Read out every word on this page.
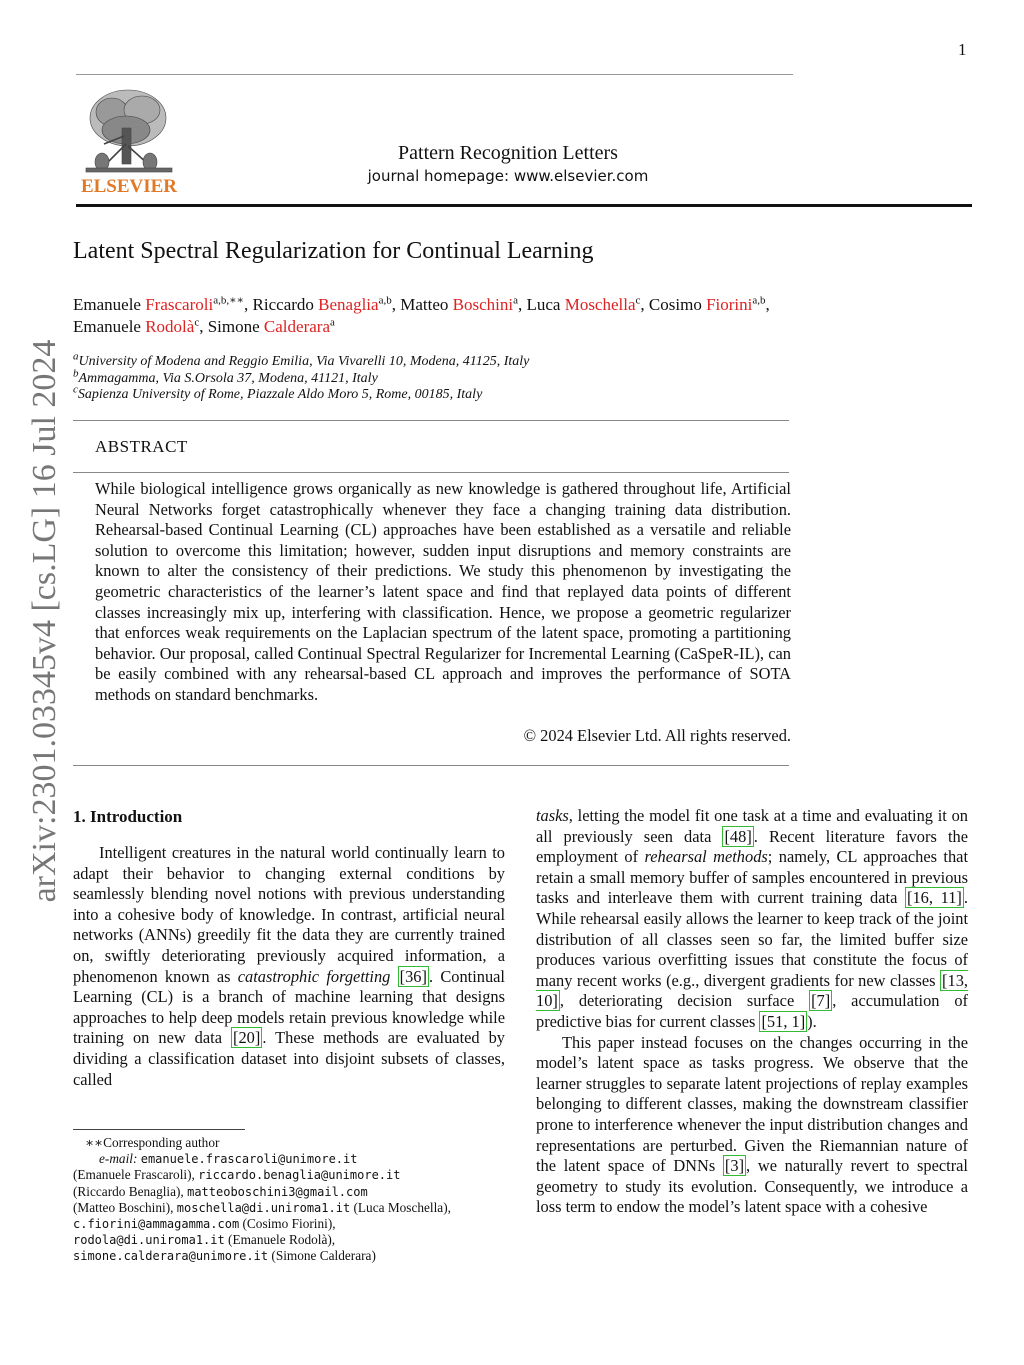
1
ELSEVIER
Pattern Recognition Letters
journal homepage: www.elsevier.com
Latent Spectral Regularization for Continual Learning
Emanuele Frascaroli$^{a,b,∗∗}$, Riccardo Benaglia$^{a,b}$, Matteo Boschini$^a$, Luca Moschella$^c$, Cosimo Fiorini$^{a,b}$,
Emanuele Rodolà$^c$, Simone Calderara$^a$
$^a$University of Modena and Reggio Emilia, Via Vivarelli 10, Modena, 41125, Italy
$^b$Ammagamma, Via S.Orsola 37, Modena, 41121, Italy
$^c$Sapienza University of Rome, Piazzale Aldo Moro 5, Rome, 00185, Italy
ABSTRACT
While biological intelligence grows organically as new knowledge is gathered throughout life, Artificial Neural Networks forget catastrophically whenever they face a changing training data distribution. Rehearsal-based Continual Learning (CL) approaches have been established as a versatile and reliable solution to overcome this limitation; however, sudden input disruptions and memory constraints are known to alter the consistency of their predictions. We study this phenomenon by investigating the geometric characteristics of the learner’s latent space and find that replayed data points of different classes increasingly mix up, interfering with classification. Hence, we propose a geometric regularizer that enforces weak requirements on the Laplacian spectrum of the latent space, promoting a partitioning behavior. Our proposal, called Continual Spectral Regularizer for Incremental Learning (CaSpeR-IL), can be easily combined with any rehearsal-based CL approach and improves the performance of SOTA methods on standard benchmarks.
© 2024 Elsevier Ltd. All rights reserved.
arXiv:2301.03345v4 [cs.LG] 16 Jul 2024 1. Introduction

Intelligent creatures in the natural world continually learn to adapt their behavior to changing external conditions by seamlessly blending novel notions with previous understanding into a cohesive body of knowledge. In contrast, artificial neural networks (ANNs) greedily fit the data they are currently trained on, swiftly deteriorating previously acquired information, a phenomenon known as catastrophic forgetting [36] . Continual Learning (CL) is a branch of machine learning that designs approaches to help deep models retain previous knowledge while training on new data [20] . These methods are evaluated by dividing a classification dataset into disjoint subsets of classes, called

tasks, letting the model fit one task at a time and evaluating it on all previously seen data [48] . Recent literature favors the employment of rehearsal methods; namely, CL approaches that retain a small memory buffer of samples encountered in previous tasks and interleave them with current training data [16, 11] . While rehearsal easily allows the learner to keep track of the joint distribution of all classes seen so far, the limited buffer size produces various overfitting issues that constitute the focus of many recent works (e.g., divergent gradients for new classes [13, 10] , deteriorating decision surface [7] , accumulation of predictive bias for current classes [51, 1] ).

This paper instead focuses on the changes occurring in the model’s latent space as tasks progress. We observe that the learner struggles to separate latent projections of replay examples belonging to different classes, making the downstream classifier prone to interference whenever the input distribution changes and representations are perturbed. Given the Riemannian nature of the latent space of DNNs [3] , we naturally revert to spectral geometry to study its evolution. Consequently, we introduce a loss term to endow the model’s latent space with a cohesive

∗∗Corresponding author
e-mail: emanuele.frascaroli@unimore.it
(Emanuele Frascaroli), riccardo.benaglia@unimore.it
(Riccardo Benaglia), matteoboschini3@gmail.com
(Matteo Boschini), moschella@di.uniroma1.it (Luca Moschella),
c.fiorini@ammagamma.com (Cosimo Fiorini),
rodola@di.uniroma1.it (Emanuele Rodolà),
simone.calderara@unimore.it (Simone Calderara)
